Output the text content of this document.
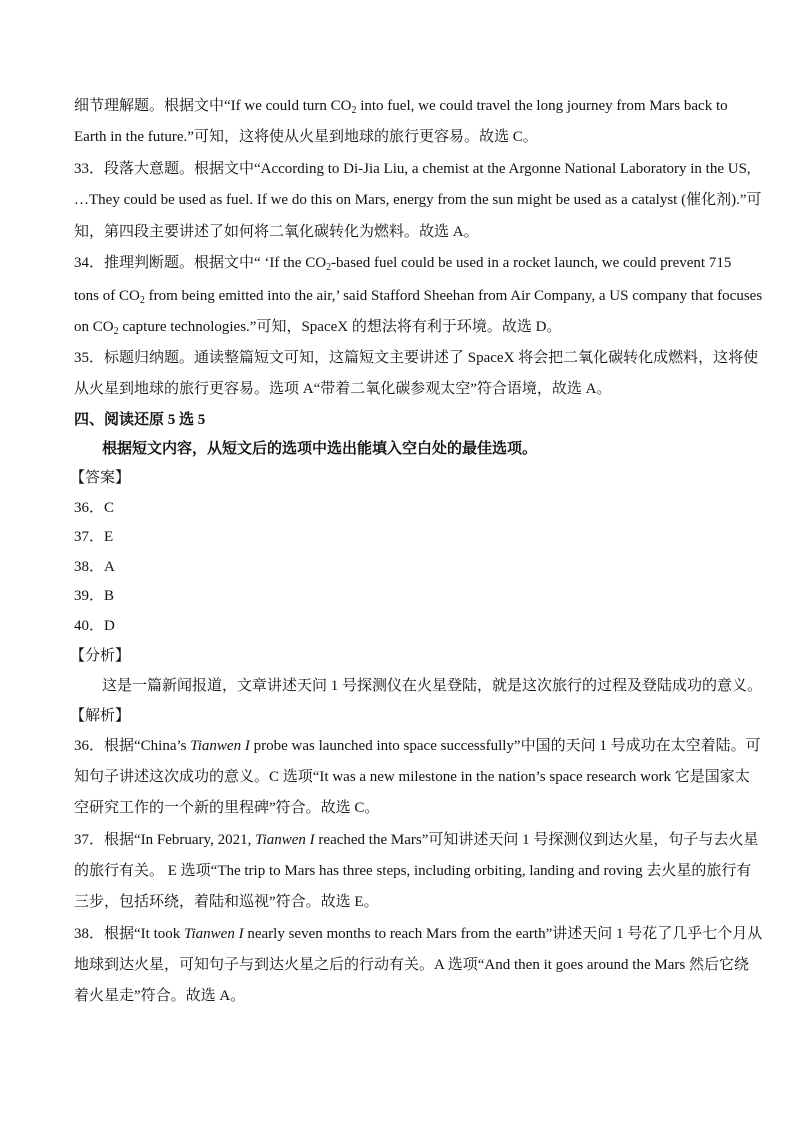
细节理解题。根据文中“If we could turn $CO_2$ into fuel, we could travel the long journey from Mars back to
Earth in the future.”可知，这将使从火星到地球的旅行更容易。故选 C。
33．段落大意题。根据文中“According to Di-Jia Liu, a chemist at the Argonne National Laboratory in the US,
…They could be used as fuel. If we do this on Mars, energy from the sun might be used as a catalyst (催化剂).”可
知，第四段主要讲述了如何将二氧化碳转化为燃料。故选 A。
34．推理判断题。根据文中“ ‘If the $CO_2$-based fuel could be used in a rocket launch, we could prevent 715
tons of $CO_2$ from being emitted into the air,’ said Stafford Sheehan from Air Company, a US company that focuses
on $CO_2$ capture technologies.”可知，SpaceX 的想法将有利于环境。故选 D。
35．标题归纳题。通读整篇短文可知，这篇短文主要讲述了 SpaceX 将会把二氧化碳转化成燃料，这将使
从火星到地球的旅行更容易。选项 A“带着二氧化碳参观太空”符合语境，故选 A。
四、阅读还原 5 选 5
根据短文内容，从短文后的选项中选出能填入空白处的最佳选项。
【答案】
36．C
37．E
38．A
39．B
40．D
【分析】
这是一篇新闻报道，文章讲述天问 1 号探测仪在火星登陆，就是这次旅行的过程及登陆成功的意义。
【解析】
36．根据“China’s Tianwen I probe was launched into space successfully”中国的天问 1 号成功在太空着陆。可
知句子讲述这次成功的意义。C 选项“It was a new milestone in the nation’s space research work 它是国家太
空研究工作的一个新的里程碑”符合。故选 C。
37．根据“In February, 2021, Tianwen I reached the Mars”可知讲述天问 1 号探测仪到达火星，句子与去火星
的旅行有关。 E 选项“The trip to Mars has three steps, including orbiting, landing and roving 去火星的旅行有
三步，包括环绕，着陆和巡视”符合。故选 E。
38．根据“It took Tianwen I nearly seven months to reach Mars from the earth”讲述天问 1 号花了几乎七个月从
地球到达火星，可知句子与到达火星之后的行动有关。A 选项“And then it goes around the Mars 然后它绕
着火星走”符合。故选 A。
